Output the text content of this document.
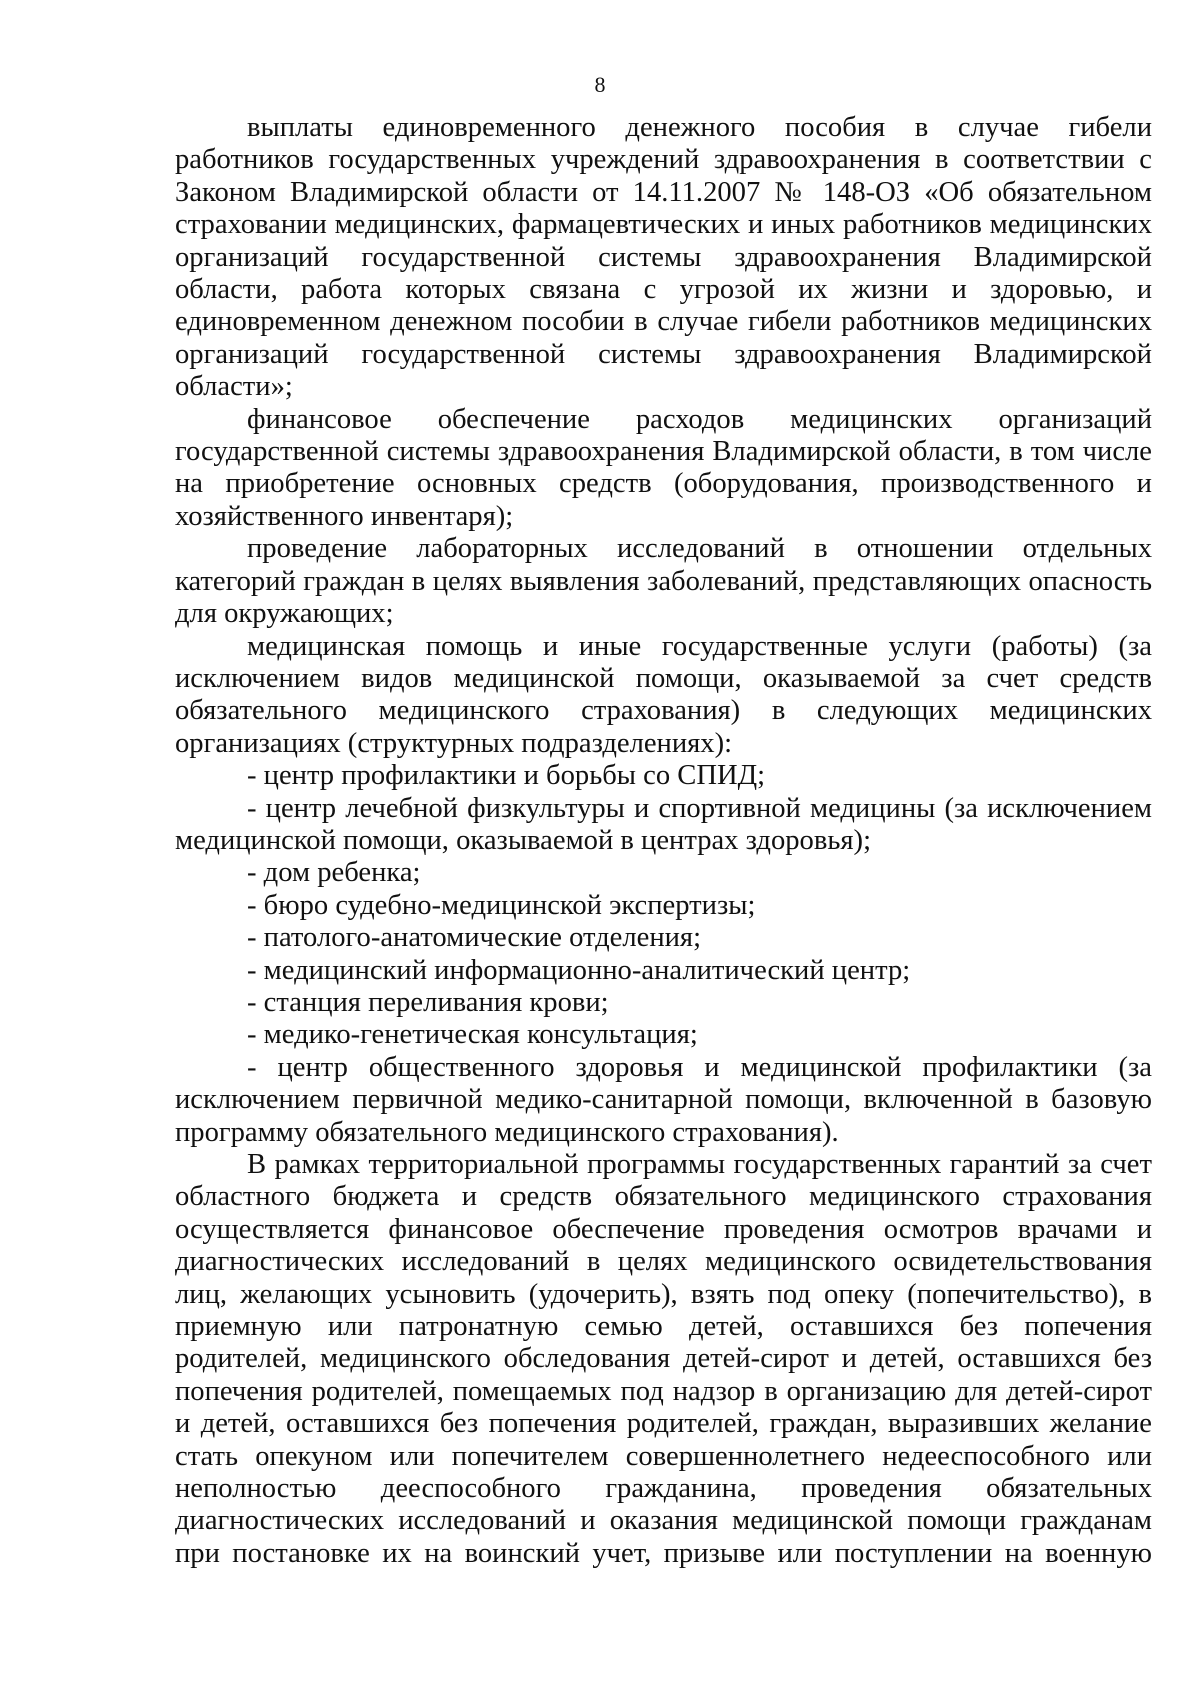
8

выплаты единовременного денежного пособия в случае гибели работников государственных учреждений здравоохранения в соответствии с Законом Владимирской области от 14.11.2007 № 148-ОЗ «Об обязательном страховании медицинских, фармацевтических и иных работников медицинских организаций государственной системы здравоохранения Владимирской области, работа которых связана с угрозой их жизни и здоровью, и единовременном денежном пособии в случае гибели работников медицинских организаций государственной системы здравоохранения Владимирской области»;

финансовое обеспечение расходов медицинских организаций государственной системы здравоохранения Владимирской области, в том числе на приобретение основных средств (оборудования, производственного и хозяйственного инвентаря);

проведение лабораторных исследований в отношении отдельных категорий граждан в целях выявления заболеваний, представляющих опасность для окружающих;

медицинская помощь и иные государственные услуги (работы) (за исключением видов медицинской помощи, оказываемой за счет средств обязательного медицинского страхования) в следующих медицинских организациях (структурных подразделениях):

- центр профилактики и борьбы со СПИД;

- центр лечебной физкультуры и спортивной медицины (за исключением медицинской помощи, оказываемой в центрах здоровья);

- дом ребенка;

- бюро судебно-медицинской экспертизы;

- патолого-анатомические отделения;

- медицинский информационно-аналитический центр;

- станция переливания крови;

- медико-генетическая консультация;

- центр общественного здоровья и медицинской профилактики (за исключением первичной медико-санитарной помощи, включенной в базовую программу обязательного медицинского страхования).

В рамках территориальной программы государственных гарантий за счет областного бюджета и средств обязательного медицинского страхования осуществляется финансовое обеспечение проведения осмотров врачами и диагностических исследований в целях медицинского освидетельствования лиц, желающих усыновить (удочерить), взять под опеку (попечительство), в приемную или патронатную семью детей, оставшихся без попечения родителей, медицинского обследования детей-сирот и детей, оставшихся без попечения родителей, помещаемых под надзор в организацию для детей-сирот и детей, оставшихся без попечения родителей, граждан, выразивших желание стать опекуном или попечителем совершеннолетнего недееспособного или неполностью дееспособного гражданина, проведения обязательных диагностических исследований и оказания медицинской помощи гражданам при постановке их на воинский учет, призыве или поступлении на военную
